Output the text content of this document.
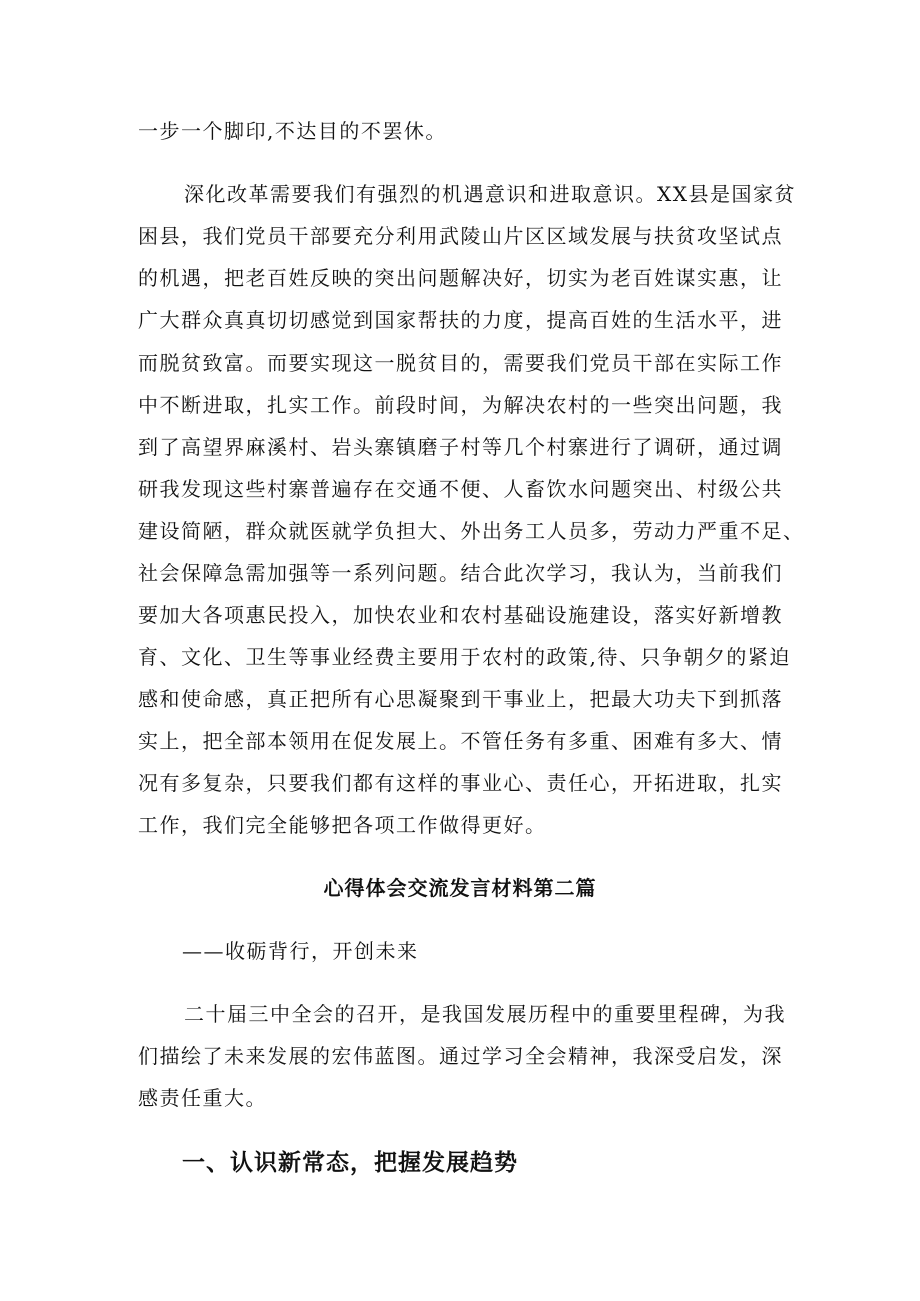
一步一个脚印,不达目的不罢休。
深化改革需要我们有强烈的机遇意识和进取意识。XX县是国家贫
困县，我们党员干部要充分利用武陵山片区区域发展与扶贫攻坚试点
的机遇，把老百姓反映的突出问题解决好，切实为老百姓谋实惠，让
广大群众真真切切感觉到国家帮扶的力度，提高百姓的生活水平，进
而脱贫致富。而要实现这一脱贫目的，需要我们党员干部在实际工作
中不断进取，扎实工作。前段时间，为解决农村的一些突出问题，我
到了高望界麻溪村、岩头寨镇磨子村等几个村寨进行了调研，通过调
研我发现这些村寨普遍存在交通不便、人畜饮水问题突出、村级公共
建设简陋，群众就医就学负担大、外出务工人员多，劳动力严重不足、
社会保障急需加强等一系列问题。结合此次学习，我认为，当前我们
要加大各项惠民投入，加快农业和农村基础设施建设，落实好新增教
育、文化、卫生等事业经费主要用于农村的政策,待、只争朝夕的紧迫
感和使命感，真正把所有心思凝聚到干事业上，把最大功夫下到抓落
实上，把全部本领用在促发展上。不管任务有多重、困难有多大、情
况有多复杂，只要我们都有这样的事业心、责任心，开拓进取，扎实
工作，我们完全能够把各项工作做得更好。
心得体会交流发言材料第二篇
——收砺背行，开创未来
二十届三中全会的召开，是我国发展历程中的重要里程碑，为我
们描绘了未来发展的宏伟蓝图。通过学习全会精神，我深受启发，深
感责任重大。
一、认识新常态，把握发展趋势
